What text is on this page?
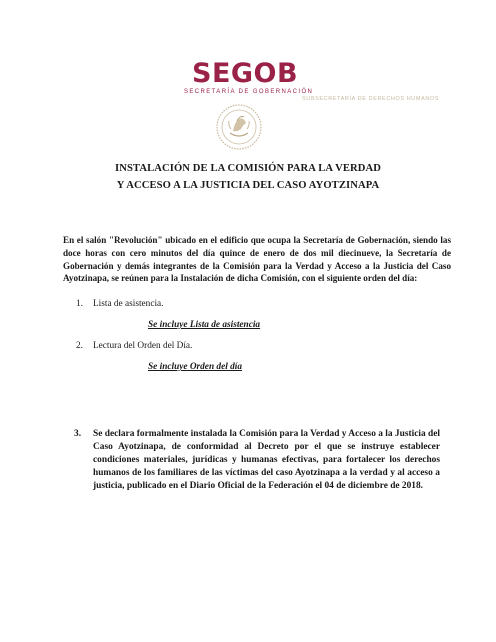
SEGOB
SECRETARÍA DE GOBERNACIÓN
SUBSECRETARÍA DE DERECHOS HUMANOS
INSTALACIÓN DE LA COMISIÓN PARA LA VERDAD
Y ACCESO A LA JUSTICIA DEL CASO AYOTZINAPA
En el salón "Revolución" ubicado en el edificio que ocupa la Secretaría de Gobernación, siendo las doce horas con cero minutos del día quince de enero de dos mil diecinueve, la Secretaría de Gobernación y demás integrantes de la Comisión para la Verdad y Acceso a la Justicia del Caso Ayotzinapa, se reúnen para la Instalación de dicha Comisión, con el siguiente orden del día:
1. Lista de asistencia.
Se incluye Lista de asistencia
2. Lectura del Orden del Día.
Se incluye Orden del día
3. Se declara formalmente instalada la Comisión para la Verdad y Acceso a la Justicia del Caso Ayotzinapa, de conformidad al Decreto por el que se instruye establecer condiciones materiales, jurídicas y humanas efectivas, para fortalecer los derechos humanos de los familiares de las víctimas del caso Ayotzinapa a la verdad y al acceso a justicia, publicado en el Diario Oficial de la Federación el 04 de diciembre de 2018.
